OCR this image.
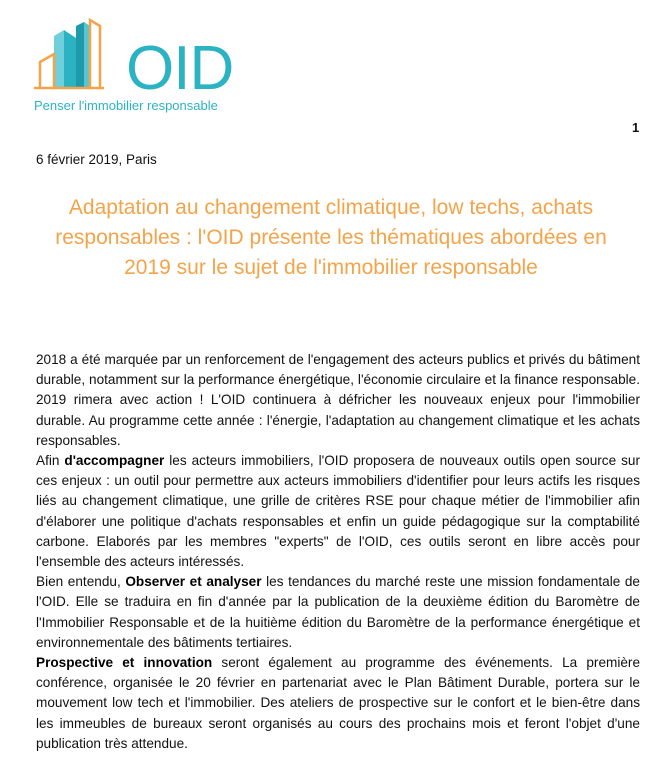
OID
Penser l'immobilier responsable
1
6 février 2019, Paris
Adaptation au changement climatique, low techs, achats responsables : l'OID présente les thématiques abordées en 2019 sur le sujet de l'immobilier responsable

2018 a été marquée par un renforcement de l'engagement des acteurs publics et privés du bâtiment durable, notamment sur la performance énergétique, l'économie circulaire et la finance responsable. 2019 rimera avec action ! L'OID continuera à défricher les nouveaux enjeux pour l'immobilier durable. Au programme cette année : l'énergie, l'adaptation au changement climatique et les achats responsables.

Afin d'accompagner les acteurs immobiliers, l'OID proposera de nouveaux outils open source sur ces enjeux : un outil pour permettre aux acteurs immobiliers d'identifier pour leurs actifs les risques liés au changement climatique, une grille de critères RSE pour chaque métier de l'immobilier afin d'élaborer une politique d'achats responsables et enfin un guide pédagogique sur la comptabilité carbone. Elaborés par les membres "experts" de l'OID, ces outils seront en libre accès pour l'ensemble des acteurs intéressés.

Bien entendu, Observer et analyser les tendances du marché reste une mission fondamentale de l'OID. Elle se traduira en fin d'année par la publication de la deuxième édition du Baromètre de l'Immobilier Responsable et de la huitième édition du Baromètre de la performance énergétique et environnementale des bâtiments tertiaires.

Prospective et innovation seront également au programme des événements. La première conférence, organisée le 20 février en partenariat avec le Plan Bâtiment Durable, portera sur le mouvement low tech et l'immobilier. Des ateliers de prospective sur le confort et le bien-être dans les immeubles de bureaux seront organisés au cours des prochains mois et feront l'objet d'une publication très attendue.
